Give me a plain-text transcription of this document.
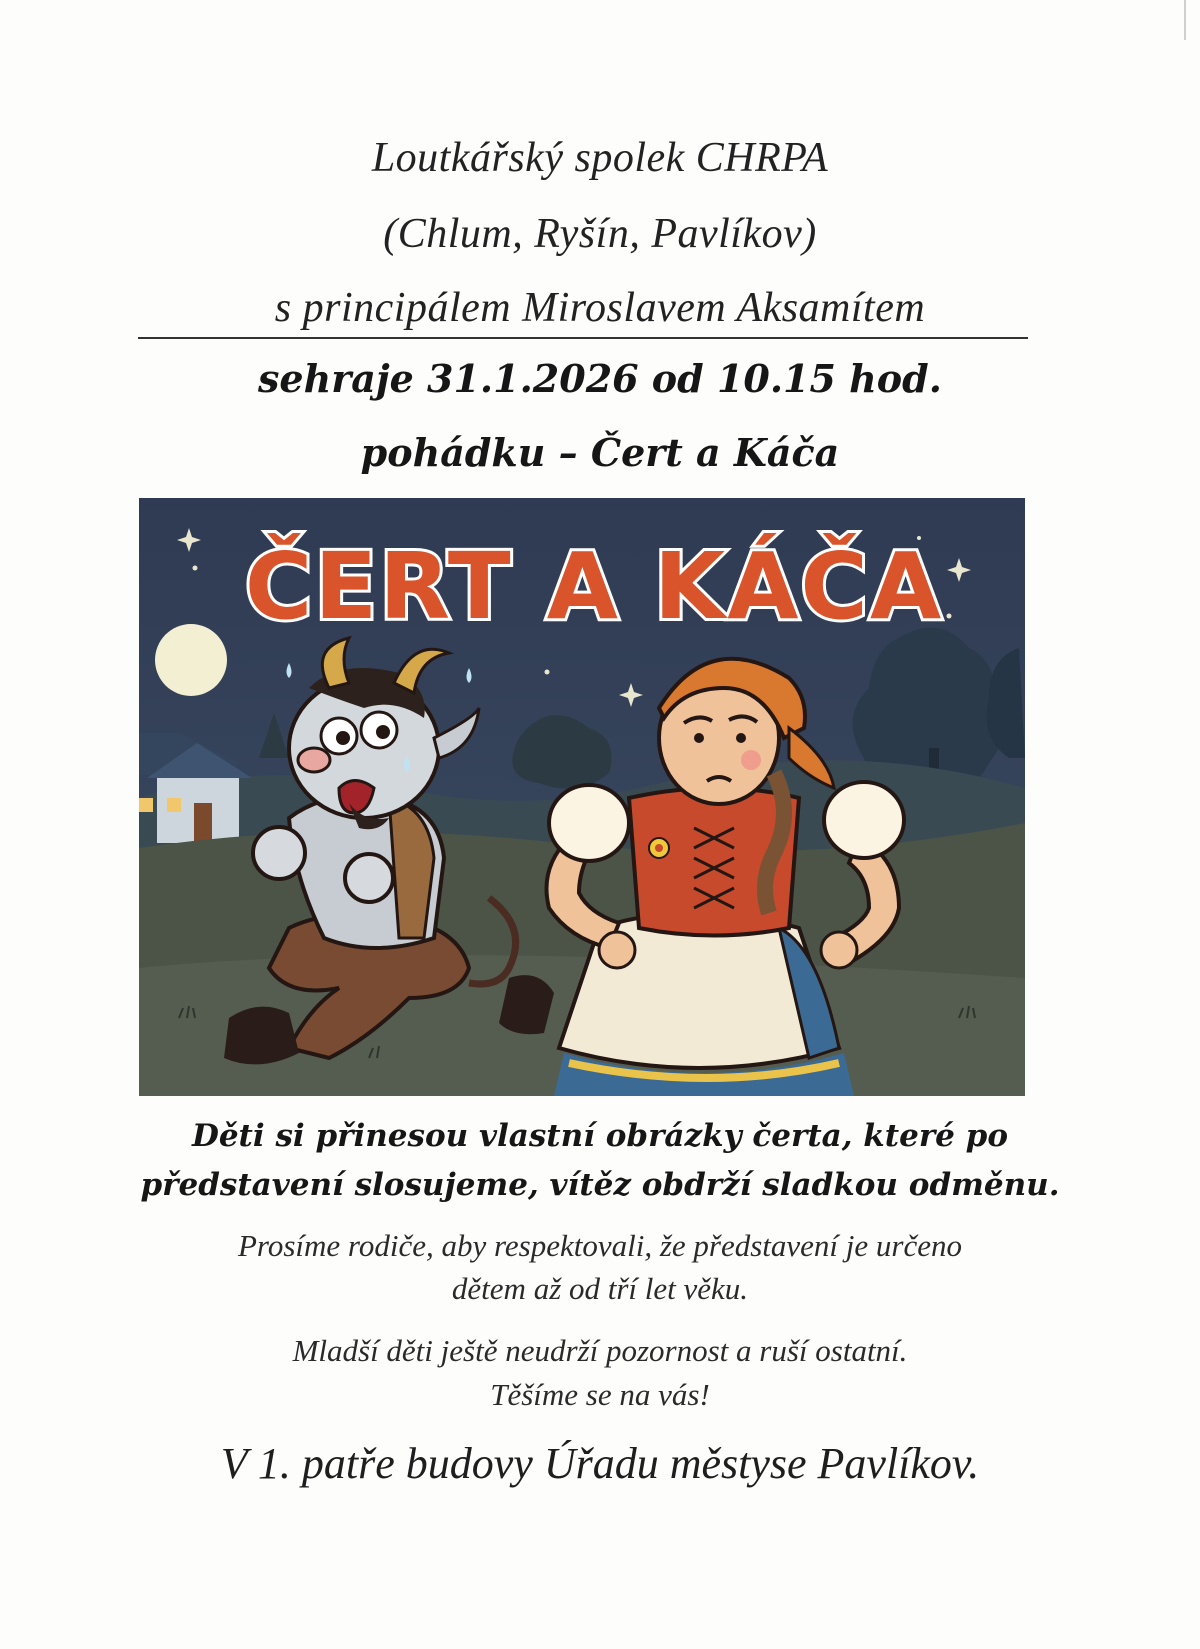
Loutkářský spolek CHRPA
(Chlum, Ryšín, Pavlíkov)
s principálem Miroslavem Aksamítem
sehraje 31.1.2026 od 10.15 hod.
pohádku – Čert a Káča
ČERT A KÁČA
Děti si přinesou vlastní obrázky čerta, které po
představení slosujeme, vítěz obdrží sladkou odměnu.
Prosíme rodiče, aby respektovali, že představení je určeno
dětem až od tří let věku.
Mladší děti ještě neudrží pozornost a ruší ostatní.
Těšíme se na vás!
V 1. patře budovy Úřadu městyse Pavlíkov.
